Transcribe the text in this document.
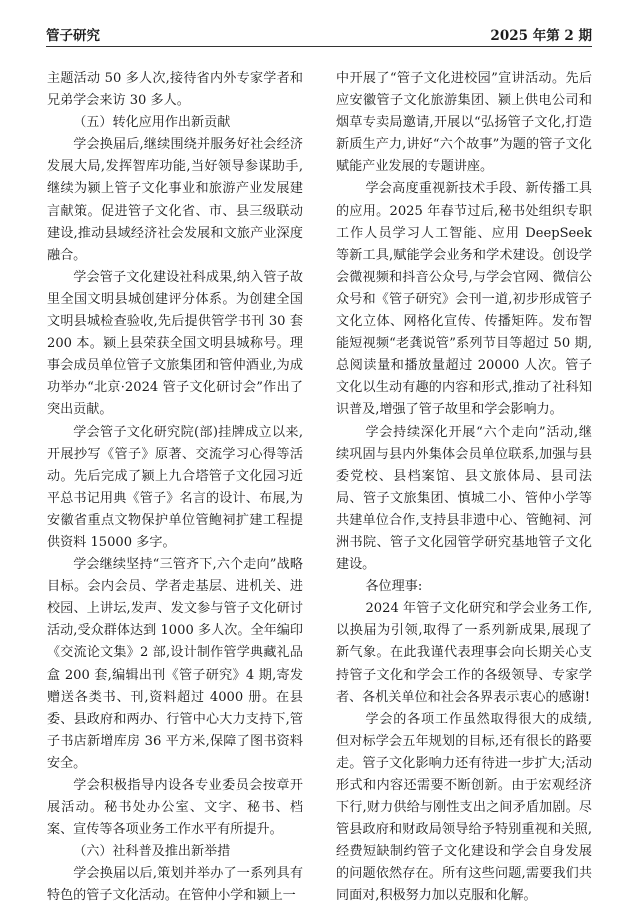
管子研究	2025 年第 2 期

主题活动 50 多人次,接待省内外专家学者和兄弟学会来访 30 多人。

（五）转化应用作出新贡献

学会换届后,继续围绕并服务好社会经济发展大局,发挥智库功能,当好领导参谋助手,继续为颍上管子文化事业和旅游产业发展建言献策。促进管子文化省、市、县三级联动建设,推动县域经济社会发展和文旅产业深度融合。

学会管子文化建设社科成果,纳入管子故里全国文明县城创建评分体系。为创建全国文明县城检查验收,先后提供管学书刊 30 套 200 本。颍上县荣获全国文明县城称号。理事会成员单位管子文旅集团和管仲酒业,为成功举办“北京·2024 管子文化研讨会”作出了突出贡献。

学会管子文化研究院(部)挂牌成立以来,开展抄写《管子》原著、交流学习心得等活动。先后完成了颍上九合塔管子文化园习近平总书记用典《管子》名言的设计、布展,为安徽省重点文物保护单位管鲍祠扩建工程提供资料 15000 多字。

学会继续坚持“三管齐下,六个走向”战略目标。会内会员、学者走基层、进机关、进校园、上讲坛,发声、发文参与管子文化研讨活动,受众群体达到 1000 多人次。全年编印《交流论文集》2 部,设计制作管学典藏礼品盒 200 套,编辑出刊《管子研究》4 期,寄发赠送各类书、刊,资料超过 4000 册。在县委、县政府和两办、行管中心大力支持下,管子书店新增库房 36 平方米,保障了图书资料安全。

学会积极指导内设各专业委员会按章开展活动。秘书处办公室、文字、秘书、档案、宣传等各项业务工作水平有所提升。

（六）社科普及推出新举措

学会换届以后,策划并举办了一系列具有特色的管子文化活动。在管仲小学和颍上一

中开展了“管子文化进校园”宣讲活动。先后应安徽管子文化旅游集团、颍上供电公司和烟草专卖局邀请,开展以“弘扬管子文化,打造新质生产力,讲好“六个故事”为题的管子文化赋能产业发展的专题讲座。

学会高度重视新技术手段、新传播工具的应用。2025 年春节过后,秘书处组织专职工作人员学习人工智能、应用 DeepSeek 等新工具,赋能学会业务和学术建设。创设学会微视频和抖音公众号,与学会官网、微信公众号和《管子研究》会刊一道,初步形成管子文化立体、网格化宣传、传播矩阵。发布智能短视频“老龚说管”系列节目等超过 50 期,总阅读量和播放量超过 20000 人次。管子文化以生动有趣的内容和形式,推动了社科知识普及,增强了管子故里和学会影响力。

学会持续深化开展“六个走向”活动,继续巩固与县内外集体会员单位联系,加强与县委党校、县档案馆、县文旅体局、县司法局、管子文旅集团、慎城二小、管仲小学等共建单位合作,支持县非遗中心、管鲍祠、河洲书院、管子文化园管学研究基地管子文化建设。

各位理事:

2024 年管子文化研究和学会业务工作,以换届为引领,取得了一系列新成果,展现了新气象。在此我谨代表理事会向长期关心支持管子文化和学会工作的各级领导、专家学者、各机关单位和社会各界表示衷心的感谢!

学会的各项工作虽然取得很大的成绩,但对标学会五年规划的目标,还有很长的路要走。管子文化影响力还有待进一步扩大;活动形式和内容还需要不断创新。由于宏观经济下行,财力供给与刚性支出之间矛盾加剧。尽管县政府和财政局领导给予特别重视和关照,经费短缺制约管子文化建设和学会自身发展的问题依然存在。所有这些问题,需要我们共同面对,积极努力加以克服和化解。
